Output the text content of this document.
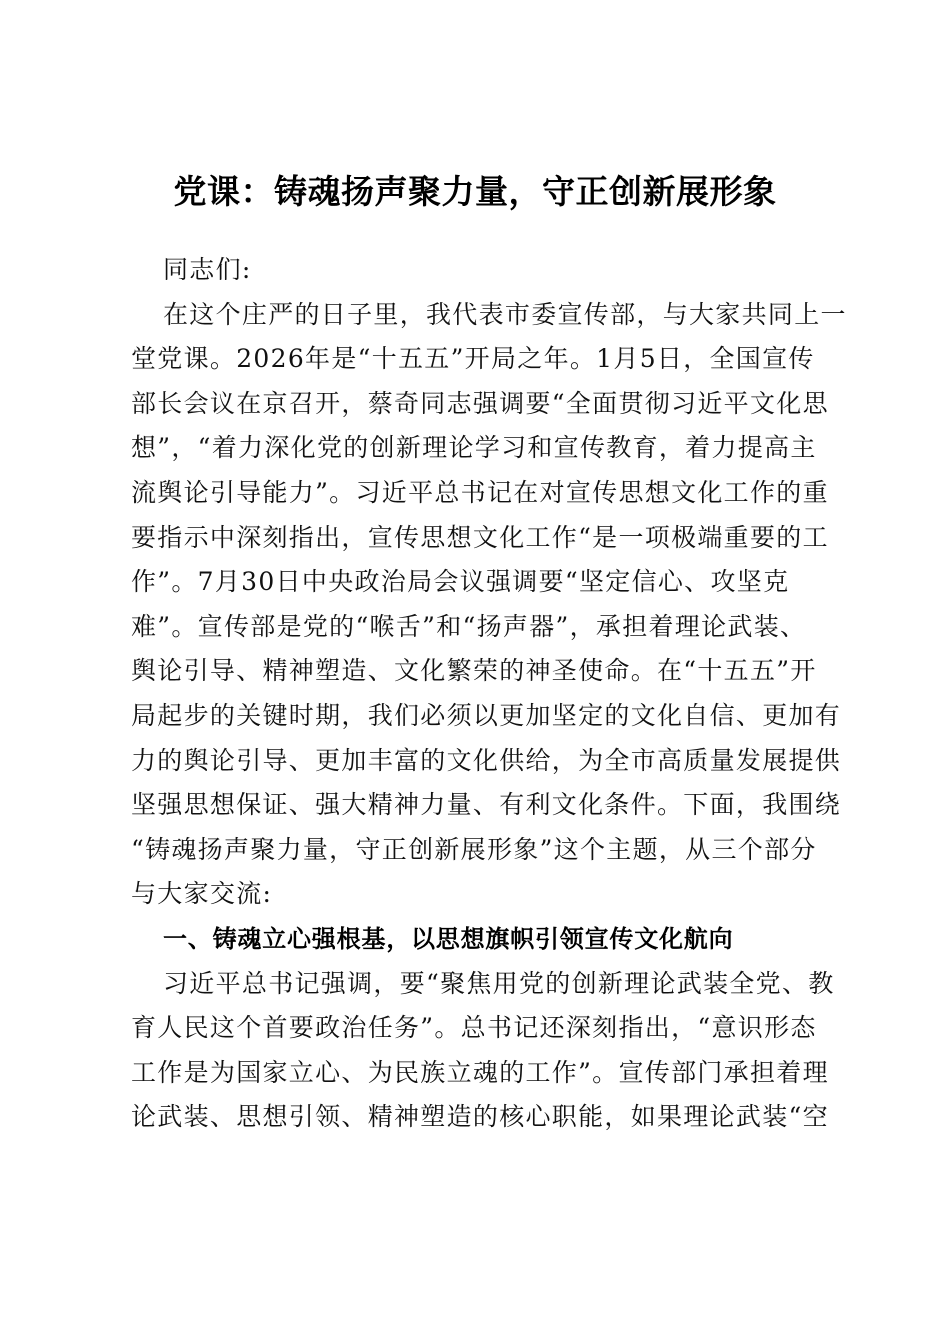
党课：铸魂扬声聚力量，守正创新展形象
同志们:
在这个庄严的日子里，我代表市委宣传部，与大家共同上一
堂党课。2026年是“十五五”开局之年。1月5日，全国宣传
部长会议在京召开，蔡奇同志强调要“全面贯彻习近平文化思
想”，“着力深化党的创新理论学习和宣传教育，着力提高主
流舆论引导能力”。习近平总书记在对宣传思想文化工作的重
要指示中深刻指出，宣传思想文化工作“是一项极端重要的工
作”。7月30日中央政治局会议强调要“坚定信心、攻坚克
难”。宣传部是党的“喉舌”和“扬声器”，承担着理论武装、
舆论引导、精神塑造、文化繁荣的神圣使命。在“十五五”开
局起步的关键时期，我们必须以更加坚定的文化自信、更加有
力的舆论引导、更加丰富的文化供给，为全市高质量发展提供
坚强思想保证、强大精神力量、有利文化条件。下面，我围绕
“铸魂扬声聚力量，守正创新展形象”这个主题，从三个部分
与大家交流:
一、铸魂立心强根基，以思想旗帜引领宣传文化航向
习近平总书记强调，要“聚焦用党的创新理论武装全党、教
育人民这个首要政治任务”。总书记还深刻指出，“意识形态
工作是为国家立心、为民族立魂的工作”。宣传部门承担着理
论武装、思想引领、精神塑造的核心职能，如果理论武装“空
